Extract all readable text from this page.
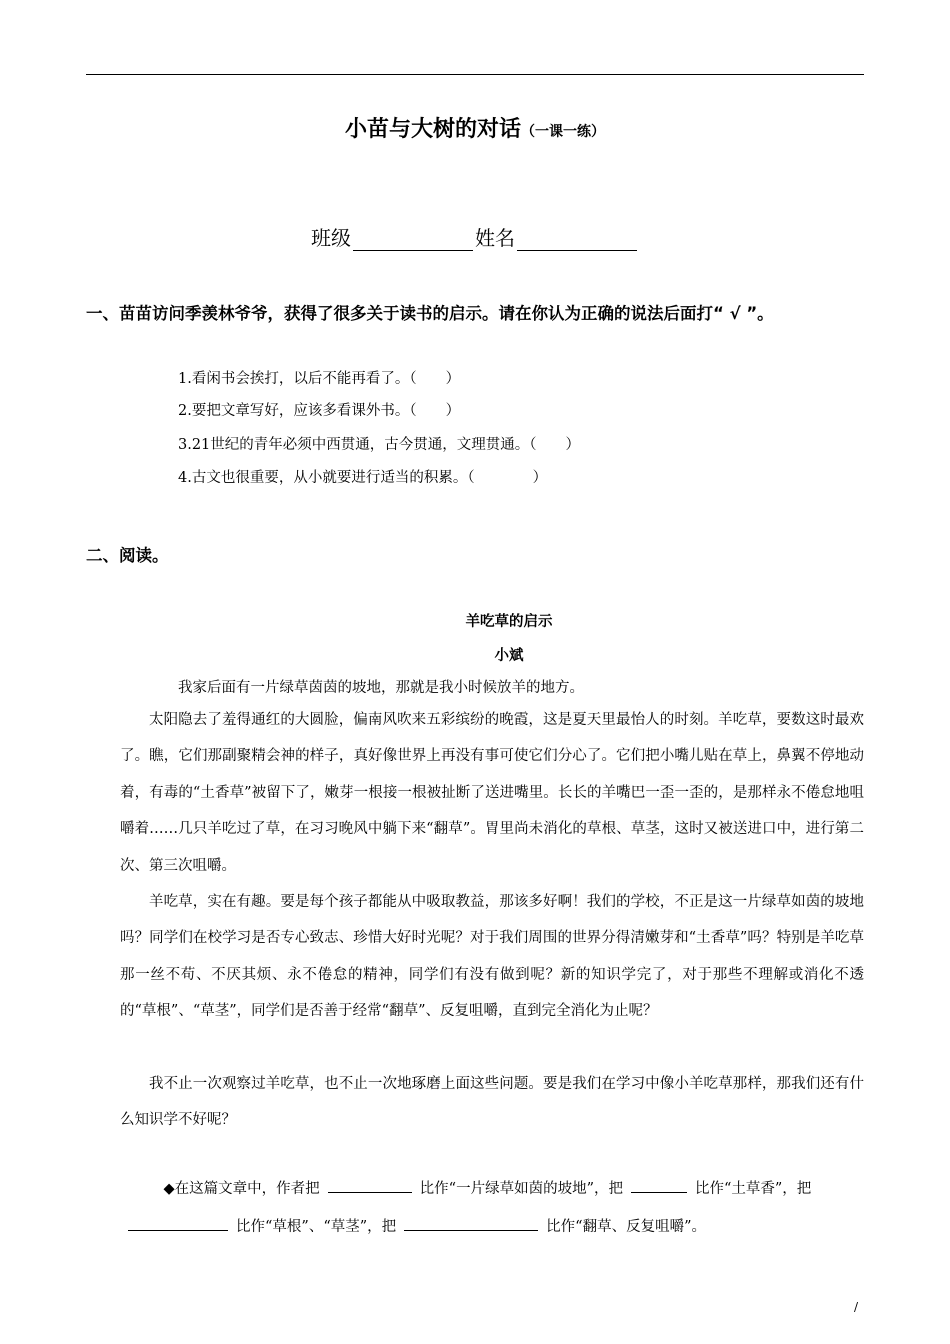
小苗与大树的对话（一课一练）
班级	姓名
一、苗苗访问季羡林爷爷，获得了很多关于读书的启示。请在你认为正确的说法后面打“ √ ”。
1.看闲书会挨打，以后不能再看了。（　　）
2.要把文章写好，应该多看课外书。（　　）
3.21世纪的青年必须中西贯通，古今贯通，文理贯通。（　　）
4.古文也很重要，从小就要进行适当的积累。（　　　　）
二、阅读。
羊吃草的启示
小斌
我家后面有一片绿草茵茵的坡地，那就是我小时候放羊的地方。
太阳隐去了羞得通红的大圆脸，偏南风吹来五彩缤纷的晚霞，这是夏天里最怡人的时刻。羊吃草，要数这时最欢了。瞧，它们那副聚精会神的样子，真好像世界上再没有事可使它们分心了。它们把小嘴儿贴在草上，鼻翼不停地动着，有毒的“土香草”被留下了，嫩芽一根接一根被扯断了送进嘴里。长长的羊嘴巴一歪一歪的，是那样永不倦怠地咀嚼着……几只羊吃过了草，在习习晚风中躺下来“翻草”。胃里尚未消化的草根、草茎，这时又被送进口中，进行第二次、第三次咀嚼。
羊吃草，实在有趣。要是每个孩子都能从中吸取教益，那该多好啊！我们的学校，不正是这一片绿草如茵的坡地吗？同学们在校学习是否专心致志、珍惜大好时光呢？对于我们周围的世界分得清嫩芽和“土香草”吗？特别是羊吃草那一丝不苟、不厌其烦、永不倦怠的精神，同学们有没有做到呢？新的知识学完了，对于那些不理解或消化不透的“草根”、“草茎”，同学们是否善于经常“翻草”、反复咀嚼，直到完全消化为止呢？
我不止一次观察过羊吃草，也不止一次地琢磨上面这些问题。要是我们在学习中像小羊吃草那样，那我们还有什么知识学不好呢？
◆在这篇文章中，作者把	比作“一片绿草如茵的坡地”，把	比作“土草香”，把比作“草根”、“草茎”，把	比作“翻草、反复咀嚼”。
/
